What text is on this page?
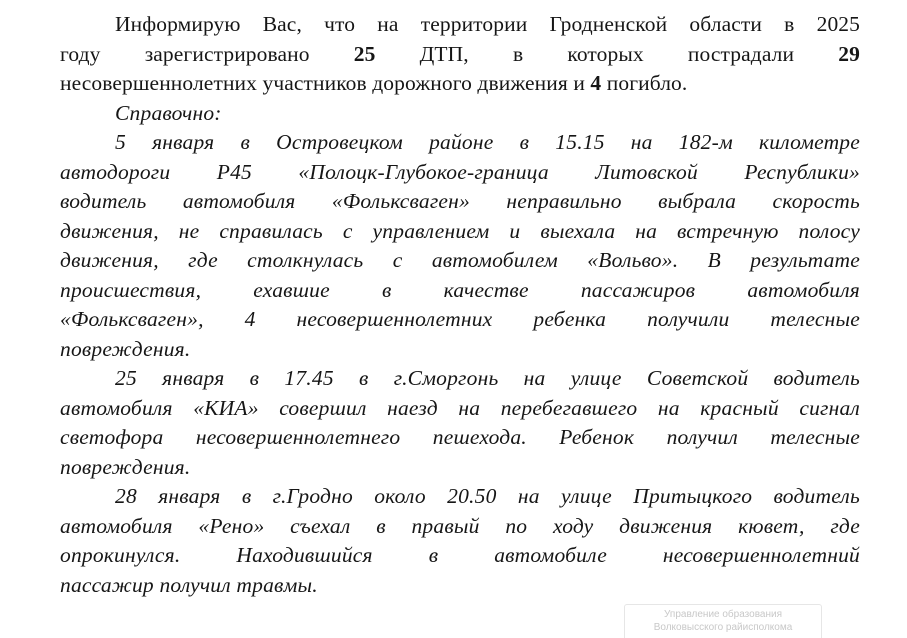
Информирую Вас, что на территории Гродненской области в 2025
году зарегистрировано 25 ДТП, в которых пострадали 29
несовершеннолетних участников дорожного движения и 4 погибло.
Справочно:
5 января в Островецком районе в 15.15 на 182-м километре
автодороги Р45 «Полоцк-Глубокое-граница Литовской Республики»
водитель автомобиля «Фольксваген» неправильно выбрала скорость
движения, не справилась с управлением и выехала на встречную полосу
движения, где столкнулась с автомобилем «Вольво». В результате
происшествия, ехавшие в качестве пассажиров автомобиля
«Фольксваген», 4 несовершеннолетних ребенка получили телесные
повреждения.
25 января в 17.45 в г.Сморгонь на улице Советской водитель
автомобиля «КИА» совершил наезд на перебегавшего на красный сигнал
светофора несовершеннолетнего пешехода. Ребенок получил телесные
повреждения.
28 января в г.Гродно около 20.50 на улице Притыцкого водитель
автомобиля «Рено» съехал в правый по ходу движения кювет, где
опрокинулся. Находившийся в автомобиле несовершеннолетний
пассажир получил травмы.
Управление образования
Волковысского райисполкома
